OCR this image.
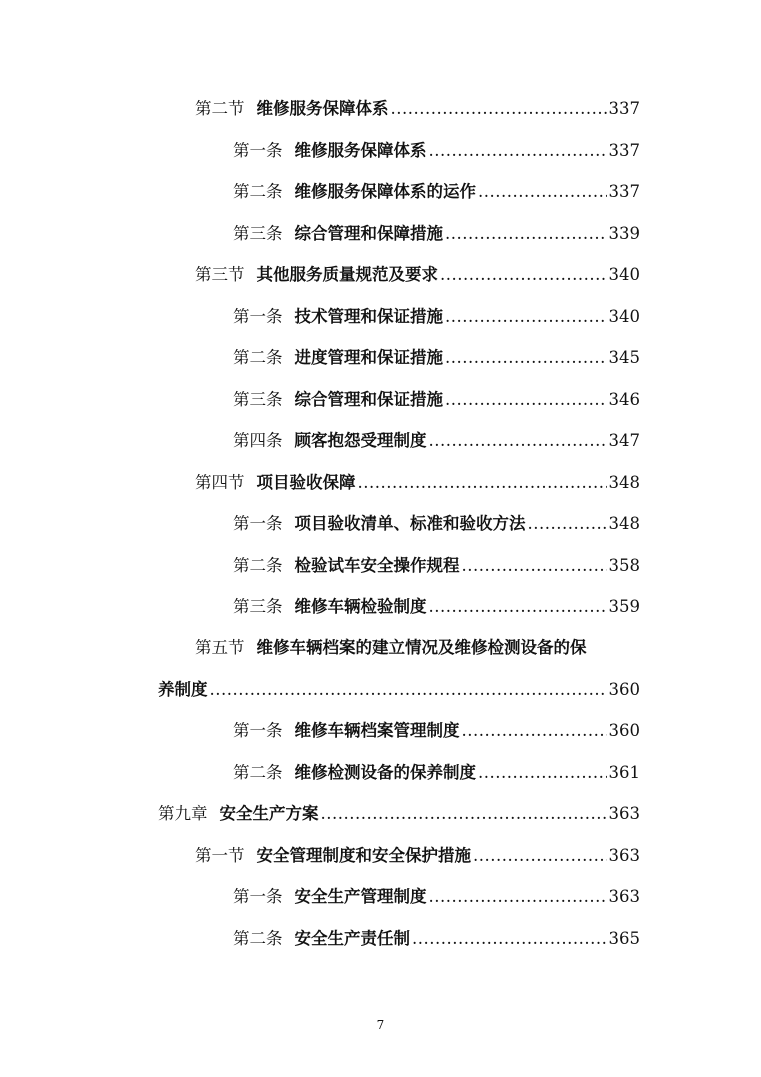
第二节 维修服务保障体系 .....	337
第一条 维修服务保障体系 .....	337
第二条 维修服务保障体系的运作 .....	337
第三条 综合管理和保障措施 .....	339
第三节 其他服务质量规范及要求 .....	340
第一条 技术管理和保证措施 .....	340
第二条 进度管理和保证措施 .....	345
第三条 综合管理和保证措施 .....	346
第四条 顾客抱怨受理制度 .....	347
第四节 项目验收保障 .....	348
第一条 项目验收清单、标准和验收方法 .....	348
第二条 检验试车安全操作规程 .....	358
第三条 维修车辆检验制度 .....	359
第五节 维修车辆档案的建立情况及维修检测设备的保
养制度 .....	360
第一条 维修车辆档案管理制度 .....	360
第二条 维修检测设备的保养制度 .....	361
第九章 安全生产方案 .....	363
第一节 安全管理制度和安全保护措施 .....	363
第一条 安全生产管理制度 .....	363
第二条 安全生产责任制 .....	365
7
